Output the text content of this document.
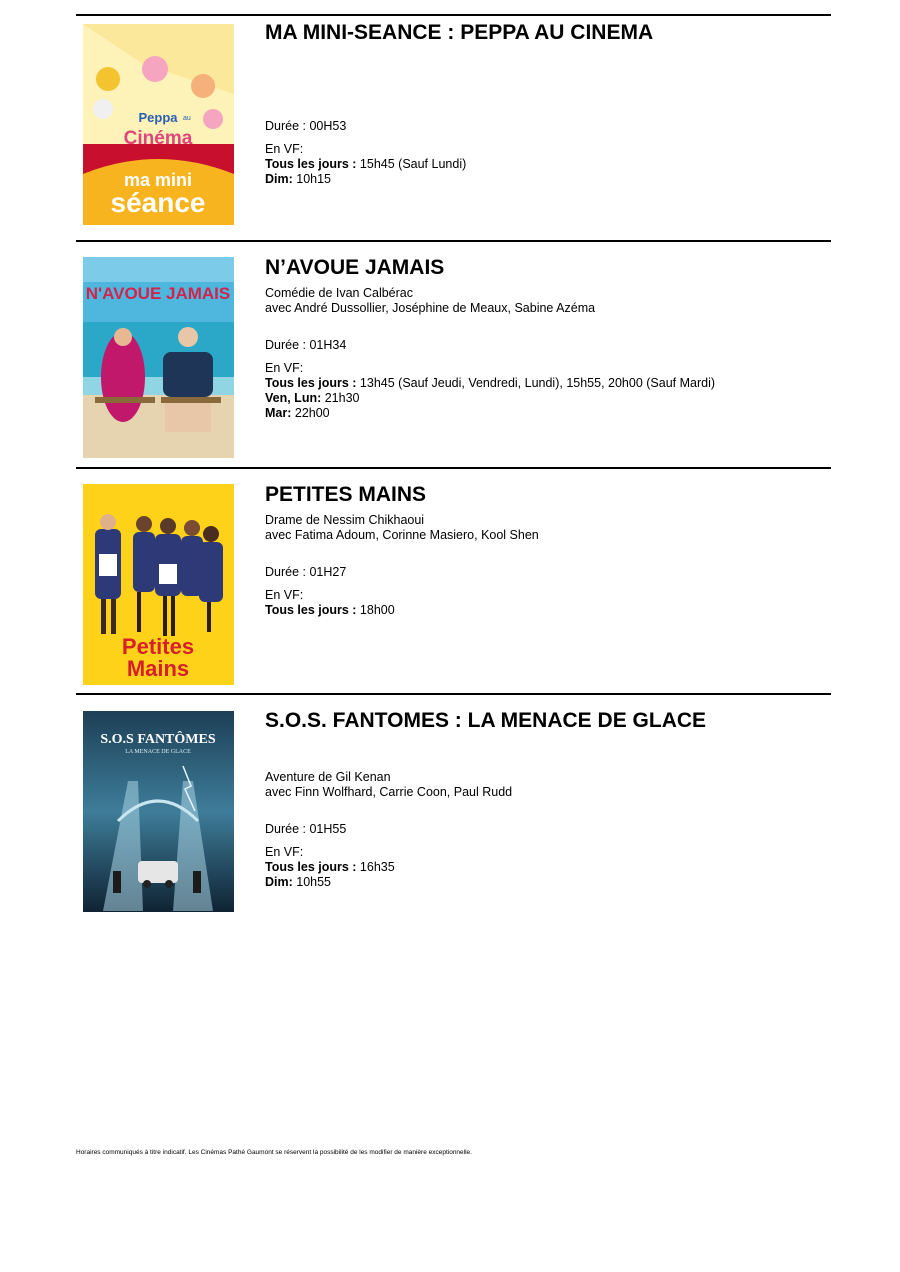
Peppa au
Cinéma
ma mini
séance
MA MINI-SEANCE : PEPPA AU CINEMA
Durée : 00H53
En VF:
Tous les jours : 15h45 (Sauf Lundi)
Dim: 10h15
N'AVOUE JAMAIS
N’AVOUE JAMAIS
Comédie de Ivan Calbérac
avec André Dussollier, Joséphine de Meaux, Sabine Azéma
Durée : 01H34
En VF:
Tous les jours : 13h45 (Sauf Jeudi, Vendredi, Lundi), 15h55, 20h00 (Sauf Mardi)
Ven, Lun: 21h30
Mar: 22h00
Petites
Mains
PETITES MAINS
Drame de Nessim Chikhaoui
avec Fatima Adoum, Corinne Masiero, Kool Shen
Durée : 01H27
En VF:
Tous les jours : 18h00
S.O.S FANTÔMES
LA MENACE DE GLACE
S.O.S. FANTOMES : LA MENACE DE GLACE
Aventure de Gil Kenan
avec Finn Wolfhard, Carrie Coon, Paul Rudd
Durée : 01H55
En VF:
Tous les jours : 16h35
Dim: 10h55
Horaires communiqués à titre indicatif. Les Cinémas Pathé Gaumont se réservent la possibilité de les modifier de manière exceptionnelle.
